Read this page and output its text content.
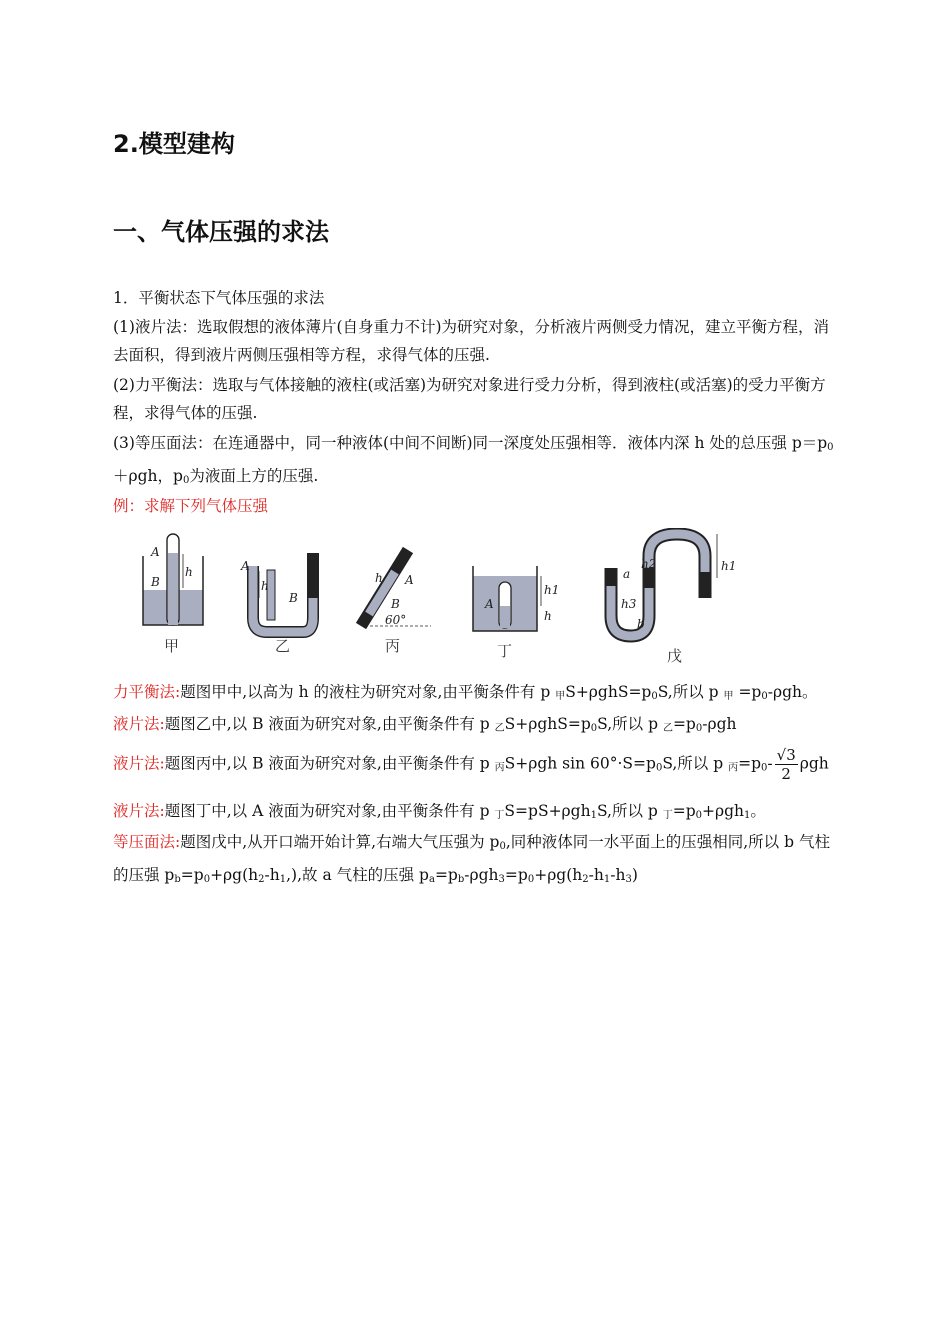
2.模型建构
一、气体压强的求法
1．平衡状态下气体压强的求法
(1)液片法：选取假想的液体薄片(自身重力不计)为研究对象，分析液片两侧受力情况，建立平衡方程，消去面积，得到液片两侧压强相等方程，求得气体的压强.
(2)力平衡法：选取与气体接触的液柱(或活塞)为研究对象进行受力分析，得到液柱(或活塞)的受力平衡方程，求得气体的压强.
(3)等压面法：在连通器中，同一种液体(中间不间断)同一深度处压强相等．液体内深 h 处的总压强 $p=p_0+\rho gh$，$p_0$为液面上方的压强.
例：求解下列气体压强
A
B
h
甲
A
B
h
乙
h A
B
60°
丙
A
h1
h
丁
a
b
h2
h3
h1
戊
力平衡法:题图甲中,以高为 h 的液柱为研究对象,由平衡条件有 p 甲$S+\rho ghS=p_0S$,所以 p 甲 $=p_0$-ρgh。
液片法:题图乙中,以 B 液面为研究对象,由平衡条件有 p 乙$S+\rho ghS=p_0S$,所以 p 乙$=p_0$-ρgh
液片法:题图丙中,以 B 液面为研究对象,由平衡条件有 p 丙S+ρgh $\sin 60^\circ\cdot S=p_0S$,所以 p 丙$=p_0- \frac{√3}{2}$ ρgh
液片法:题图丁中,以 A 液面为研究对象,由平衡条件有 p 丁S=pS+ρgh$_1$S,所以 p 丁$=p_0+\rho gh_1$。
等压面法:题图戊中,从开口端开始计算,右端大气压强为 $p_0$,同种液体同一水平面上的压强相同,所以 b 气柱的压强 $p_b=p_0+\rho g(h_2-h_1,)$,故 a 气柱的压强 $p_a=p_b-\rho gh_3=p_0+\rho g(h_2-h_1-h_3)$
